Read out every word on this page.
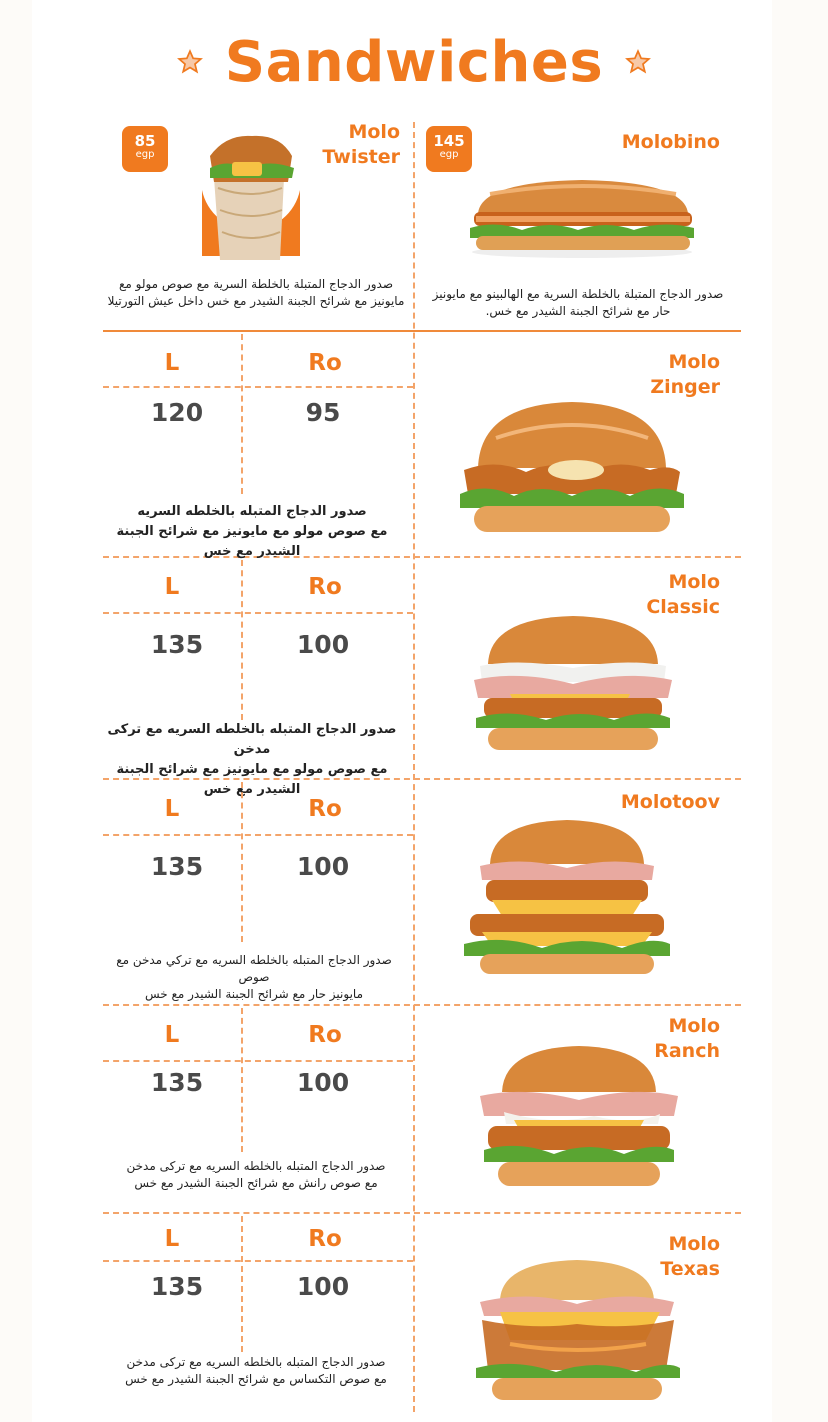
Sandwiches
145
egp
Molobino
صدور الدجاج المتبلة بالخلطة السرية مع الهالبينو مع مايونيز حار مع شرائح الجبنة الشيدر مع خس.
85
egp
Molo
Twister
صدور الدجاج المتبلة بالخلطة السرية مع صوص مولو مع مايونيز مع شرائح الجبنة الشيدر مع خس داخل عيش التورتيلا
Molo
Zinger
L	Ro
120	95
صدور الدجاج المتبله بالخلطه السريه
مع صوص مولو مع مايونيز مع شرائح الجبنة الشيدر مع خس
Molo
Classic
L	Ro
135	100
صدور الدجاج المتبله بالخلطه السريه مع تركى مدخن
مع صوص مولو مع مايونيز مع شرائح الجبنة الشيدر مع خس
Molotoov
L	Ro
135	100
صدور الدجاج المتبله بالخلطه السريه مع تركي مدخن مع صوص
مايونيز حار مع شرائح الجبنة الشيدر مع خس
Molo
Ranch
L	Ro
135	100
صدور الدجاج المتبله بالخلطه السريه مع تركى مدخن
مع صوص رانش مع شرائح الجبنة الشيدر مع خس
Molo
Texas
L	Ro
135	100
صدور الدجاج المتبله بالخلطه السريه مع تركى مدخن
مع صوص التكساس مع شرائح الجبنة الشيدر مع خس
